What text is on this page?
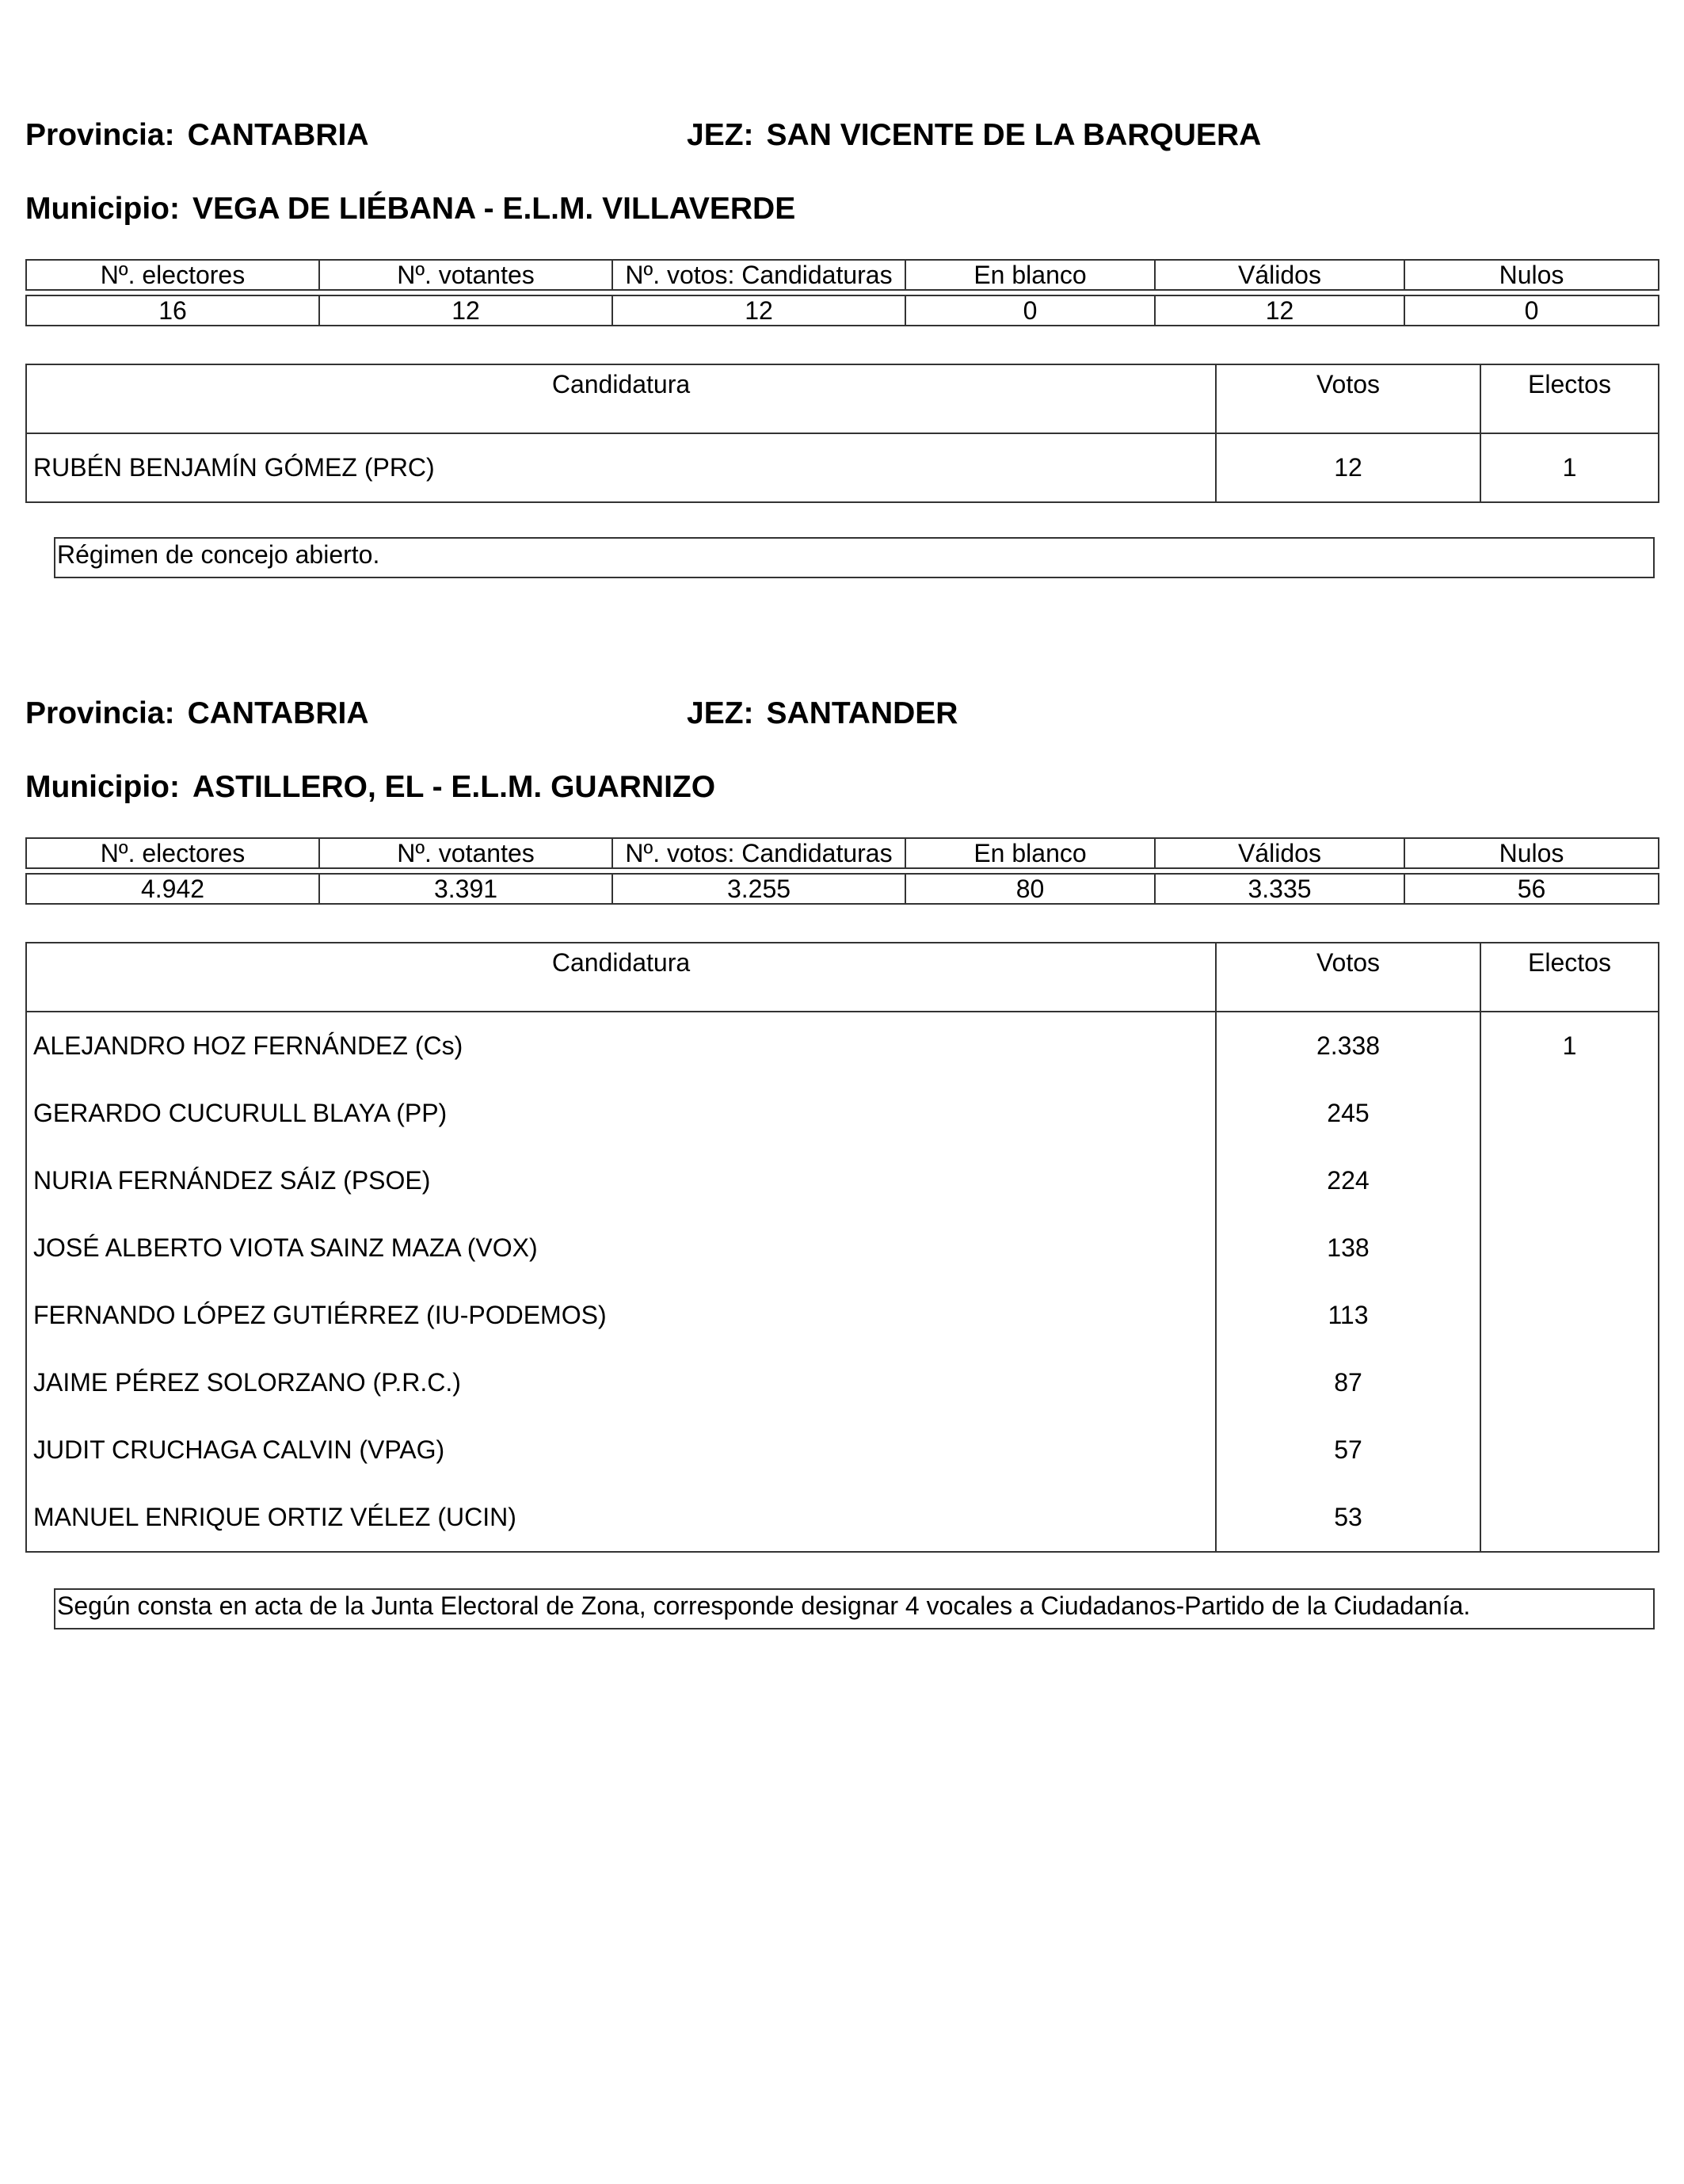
Provincia: CANTABRIA	JEZ: SAN VICENTE DE LA BARQUERA
Municipio: VEGA DE LIÉBANA - E.L.M. VILLAVERDE
Nº. electores	Nº. votantes	Nº. votos: Candidaturas	En blanco	Válidos	Nulos

16	12	12	0	12	0
Candidatura	Votos	Electos
RUBÉN BENJAMÍN GÓMEZ (PRC)	12	1
Régimen de concejo abierto.
Provincia: CANTABRIA	JEZ: SANTANDER
Municipio: ASTILLERO, EL - E.L.M. GUARNIZO
Nº. electores	Nº. votantes	Nº. votos: Candidaturas	En blanco	Válidos	Nulos

4.942	3.391	3.255	80	3.335	56
Candidatura	Votos	Electos
ALEJANDRO HOZ FERNÁNDEZ (Cs)	2.338	1
GERARDO CUCURULL BLAYA (PP)	245	
NURIA FERNÁNDEZ SÁIZ (PSOE)	224	
JOSÉ ALBERTO VIOTA SAINZ MAZA (VOX)	138	
FERNANDO LÓPEZ GUTIÉRREZ (IU-PODEMOS)	113	
JAIME PÉREZ SOLORZANO (P.R.C.)	87	
JUDIT CRUCHAGA CALVIN (VPAG)	57	
MANUEL ENRIQUE ORTIZ VÉLEZ (UCIN)	53	
Según consta en acta de la Junta Electoral de Zona, corresponde designar 4 vocales a Ciudadanos-Partido de la Ciudadanía.
